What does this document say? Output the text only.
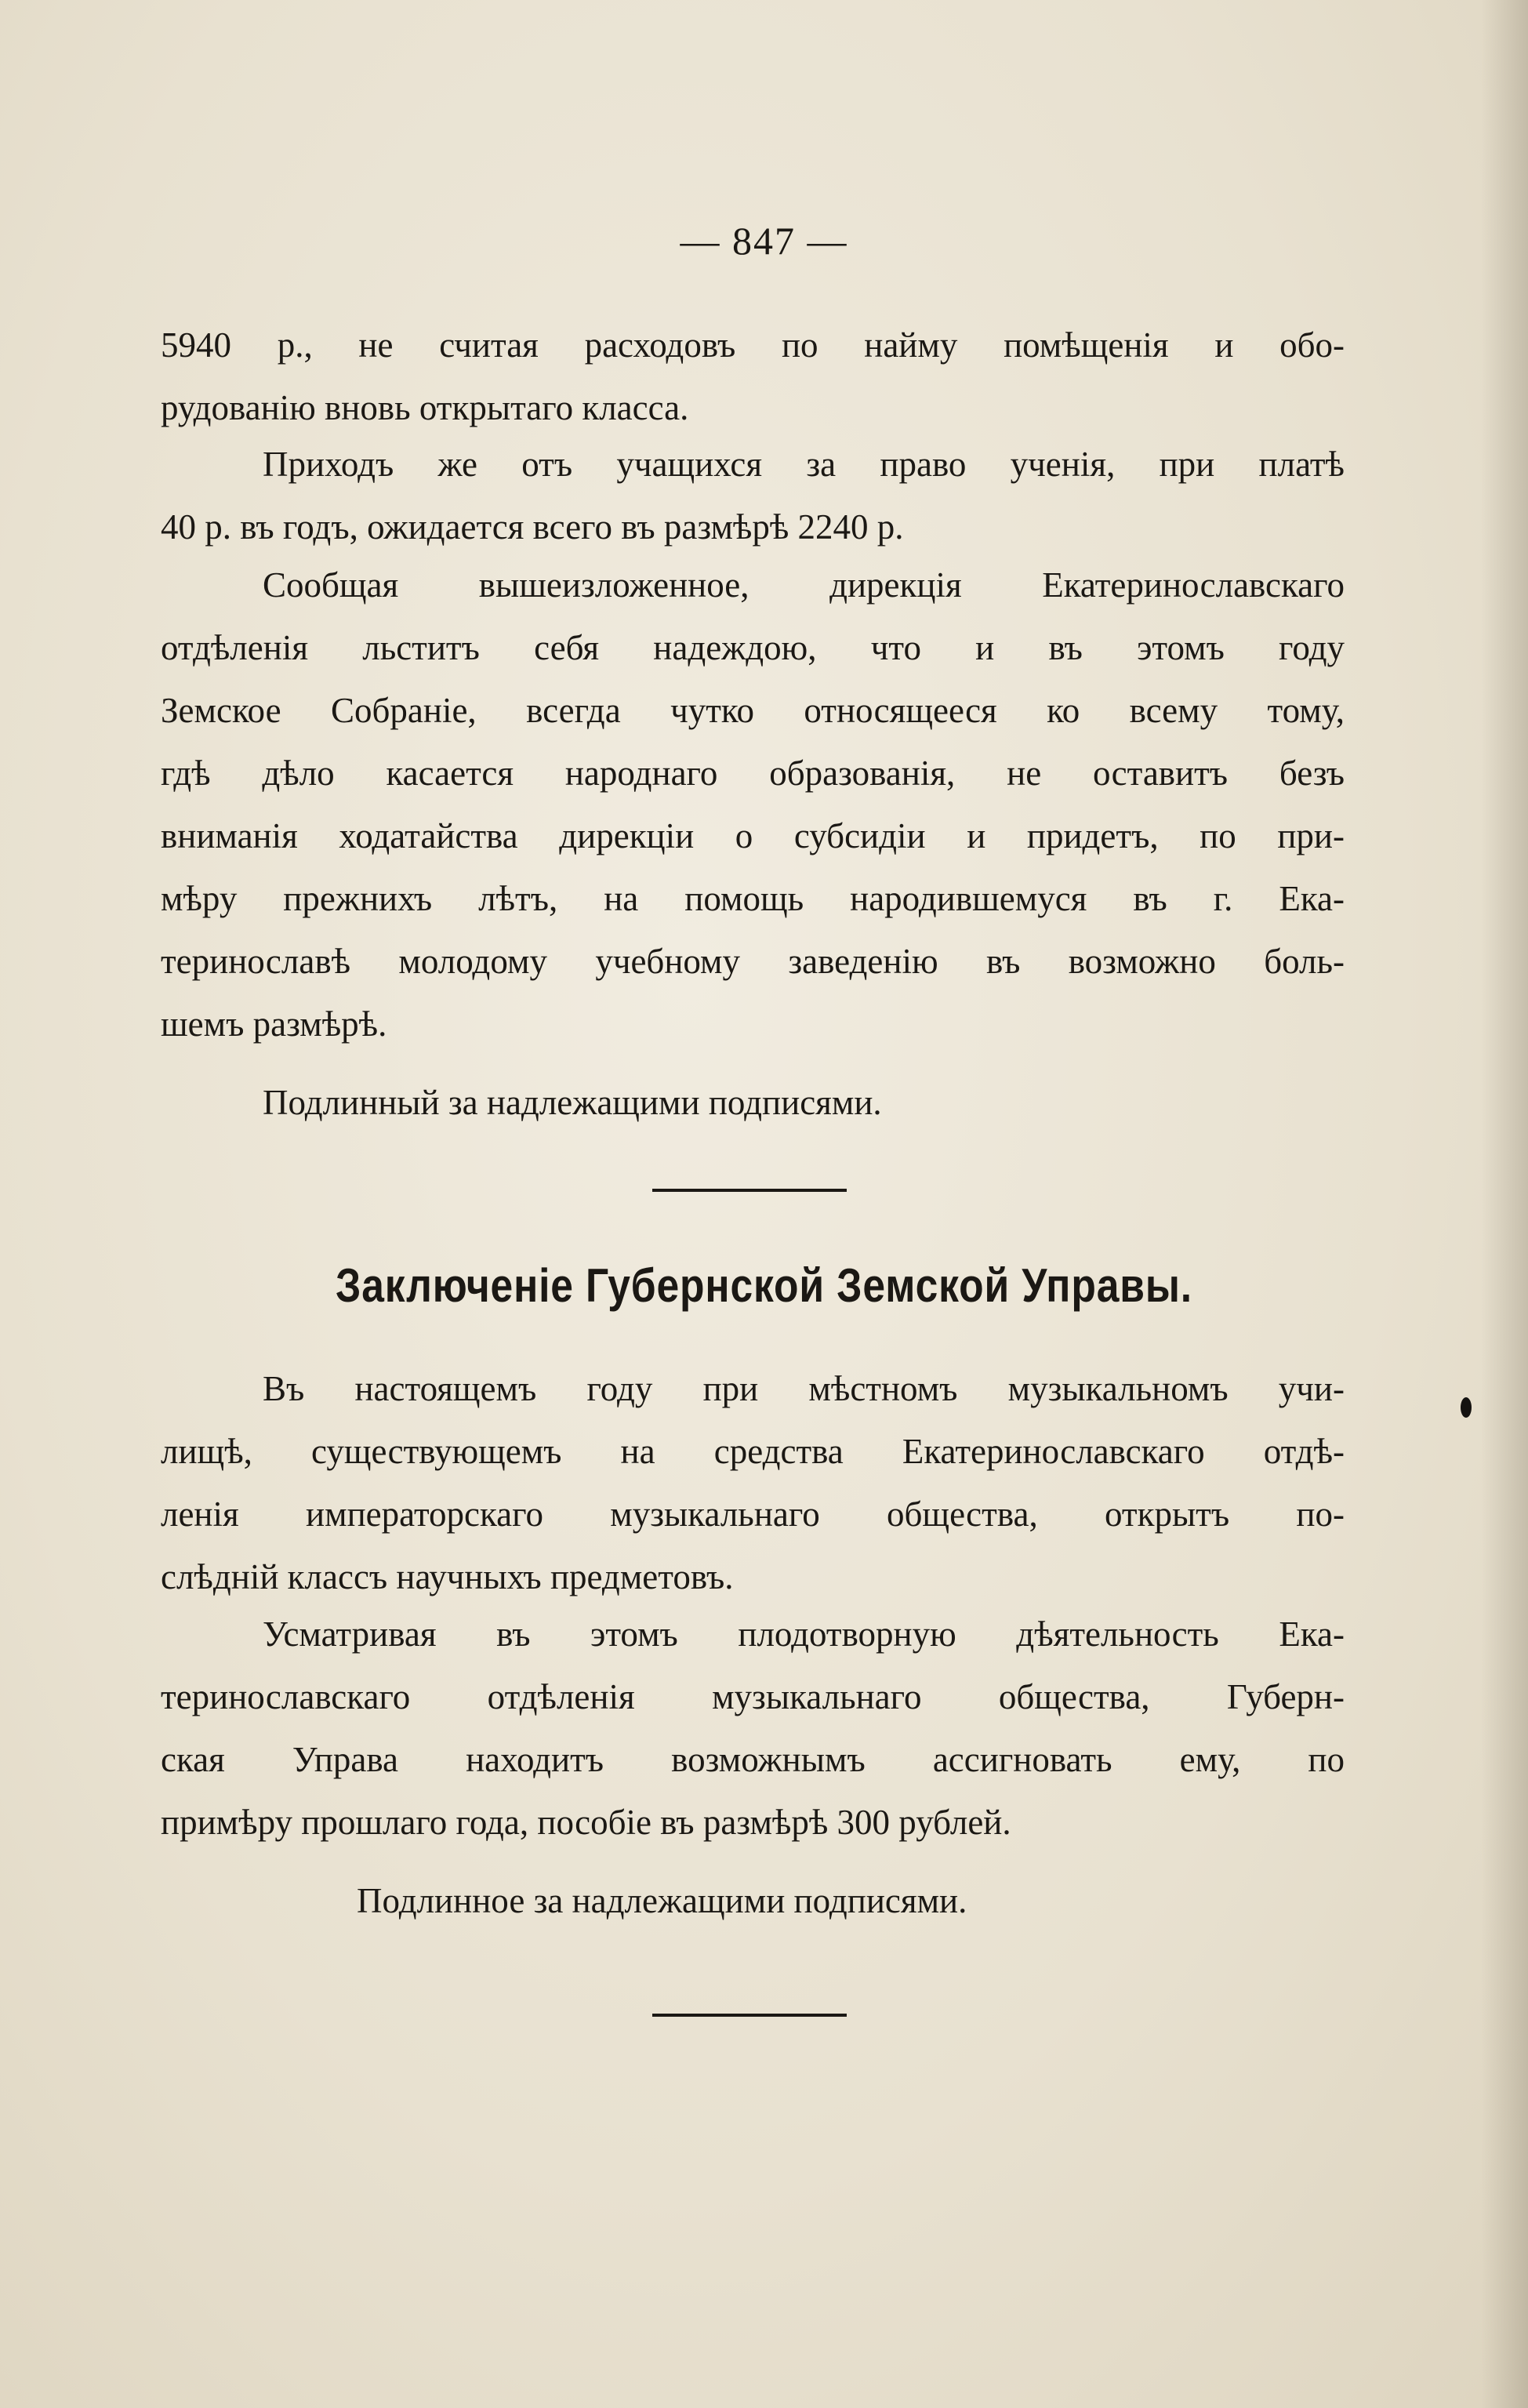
— 847 —
5940 р., не считая расходовъ по найму помѣщенія и обо-
рудованію вновь открытаго класса.
Приходъ же отъ учащихся за право ученія, при платѣ
40 р. въ годъ, ожидается всего въ размѣрѣ 2240 р.
Сообщая вышеизложенное, дирекція Екатеринославскаго
отдѣленія льститъ себя надеждою, что и въ этомъ году
Земское Собраніе, всегда чутко относящееся ко всему тому,
гдѣ дѣло касается народнаго образованія, не оставитъ безъ
вниманія ходатайства дирекціи о субсидіи и придетъ, по при-
мѣру прежнихъ лѣтъ, на помощь народившемуся въ г. Ека-
теринославѣ молодому учебному заведенію въ возможно боль-
шемъ размѣрѣ.
Подлинный за надлежащими подписями.
Заключеніе Губернской Земской Управы.
Въ настоящемъ году при мѣстномъ музыкальномъ учи-
лищѣ, существующемъ на средства Екатеринославскаго отдѣ-
ленія императорскаго музыкальнаго общества, открытъ по-
слѣдній классъ научныхъ предметовъ.
Усматривая въ этомъ плодотворную дѣятельность Ека-
теринославскаго отдѣленія музыкальнаго общества, Губерн-
ская Управа находитъ возможнымъ ассигновать ему, по
примѣру прошлаго года, пособіе въ размѣрѣ 300 рублей.
Подлинное за надлежащими подписями.
